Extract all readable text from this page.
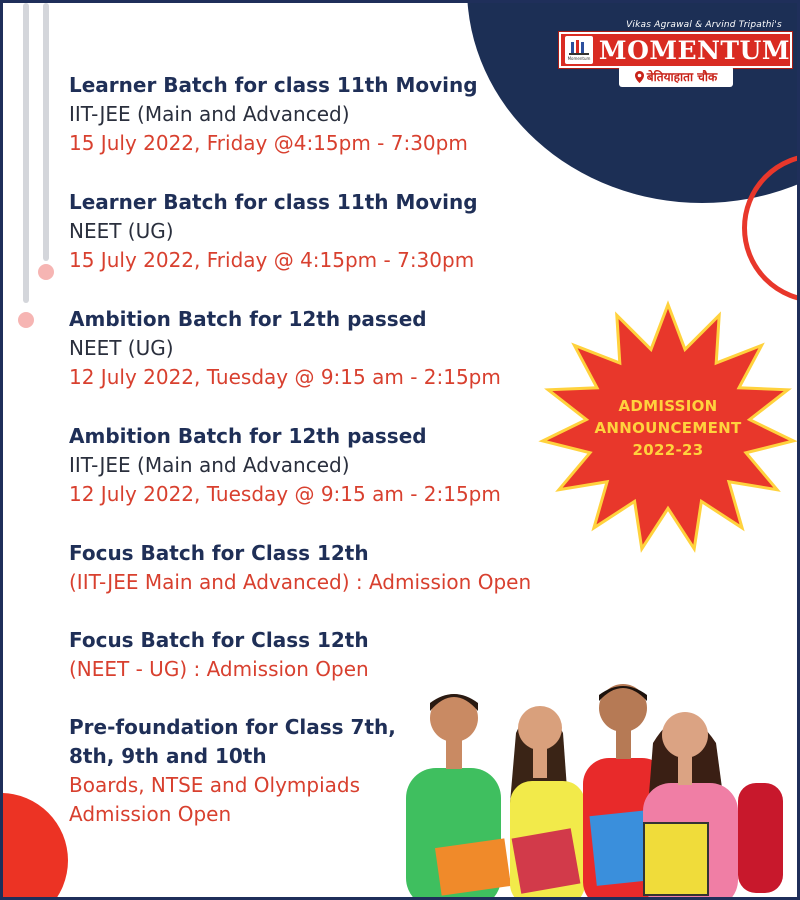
Vikas Agrawal & Arvind Tripathi's
Momentum MOMENTUM
बेतियाहाता चौक
Learner Batch for class 11th Moving
IIT-JEE (Main and Advanced)
15 July 2022, Friday @4:15pm - 7:30pm
Learner Batch for class 11th Moving
NEET (UG)
15 July 2022, Friday @ 4:15pm - 7:30pm
Ambition Batch for 12th passed
NEET (UG)
12 July 2022, Tuesday @ 9:15 am - 2:15pm
Ambition Batch for 12th passed
IIT-JEE (Main and Advanced)
12 July 2022, Tuesday @ 9:15 am - 2:15pm
Focus Batch for Class 12th
(IIT-JEE Main and Advanced) : Admission Open
Focus Batch for Class 12th
(NEET - UG) : Admission Open
Pre-foundation for Class 7th,
8th, 9th and 10th
Boards, NTSE and Olympiads
Admission Open
ADMISSION
ANNOUNCEMENT
2022-23
